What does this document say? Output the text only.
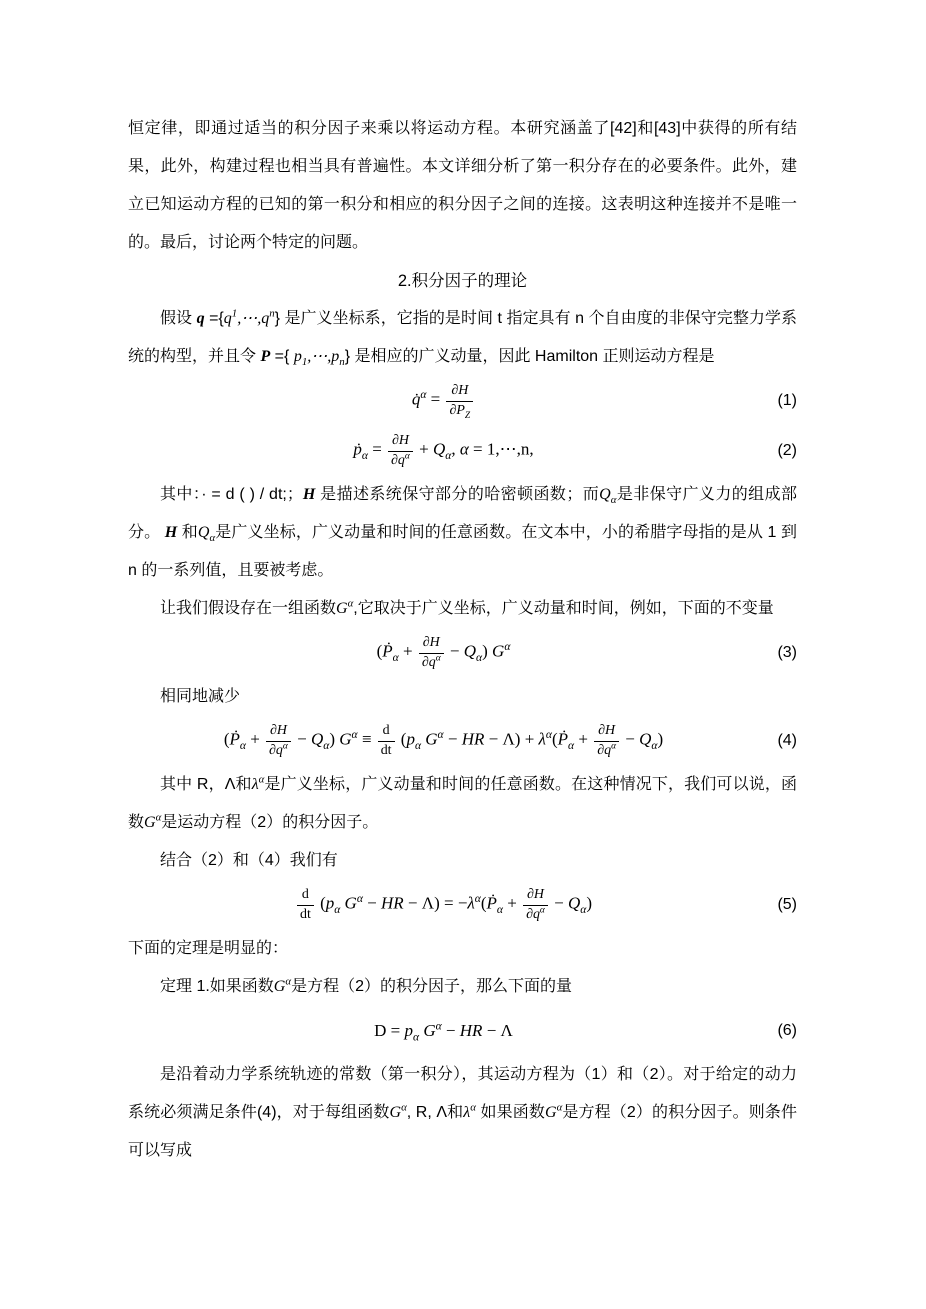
恒定律，即通过适当的积分因子来乘以将运动方程。本研究涵盖了[42]和[43]中获得的所有结果，此外，构建过程也相当具有普遍性。本文详细分析了第一积分存在的必要条件。此外，建立已知运动方程的已知的第一积分和相应的积分因子之间的连接。这表明这种连接并不是唯一的。最后，讨论两个特定的问题。

2.积分因子的理论

假设 $q =\{q^1,\cdots,q^n\}$ 是广义坐标系，它指的是时间 t 指定具有 n 个自由度的非保守完整力学系统的构型，并且令 P ={ $p_1,\cdots,p_n$} 是相应的广义动量，因此 Hamilton 正则运动方程是

q̇$^\alpha$ = $\frac{\partial H}{\partial P_Z}$	(1)
ṗ$_\alpha$ = $\frac{\partial H}{\partial q^\alpha} + Q_\alpha$, α = 1,⋯,n,	(2)

其中：· = d ( ) / dt;；H 是描述系统保守部分的哈密顿函数；而$Q_\alpha$是非保守广义力的组成部分。 H 和$Q_\alpha$是广义坐标，广义动量和时间的任意函数。在文本中，小的希腊字母指的是从 1 到 n 的一系列值，且要被考虑。

让我们假设存在一组函数$G^\alpha$,它取决于广义坐标，广义动量和时间，例如，下面的不变量

(Ṗ$_\alpha$ + $\frac{\partial H}{\partial q^\alpha} - Q_\alpha$) $G^\alpha$	(3)

相同地减少

(Ṗ$_\alpha$ + $\frac{\partial H}{\partial q^\alpha} - Q_\alpha$) $G^\alpha \equiv \frac{d}{dt} (p_\alpha$ $G^\alpha$ − HR − $\Lambda) + \lambda^\alpha(Ṗ_\alpha + \frac{\partial H}{\partial q^\alpha} - Q_\alpha)$	(4)

其中 R，Λ和$\lambda^\alpha$是广义坐标，广义动量和时间的任意函数。在这种情况下，我们可以说，函数$G^\alpha$是运动方程（2）的积分因子。

结合（2）和（4）我们有

$\frac{d}{dt} (p_\alpha$ $G^\alpha$ − HR − $\Lambda) = -\lambda^\alpha(Ṗ_\alpha + \frac{\partial H}{\partial q^\alpha} - Q_\alpha)$	(5)

下面的定理是明显的：

定理 1.如果函数$G^\alpha$是方程（2）的积分因子，那么下面的量

$D = p_\alpha$ $G^\alpha$ − HR − Λ	(6)

是沿着动力学系统轨迹的常数（第一积分），其运动方程为（1）和（2）。对于给定的动力系统必须满足条件(4)，对于每组函数$G^\alpha$, R, Λ和$\lambda^\alpha$ 如果函数$G^\alpha$是方程（2）的积分因子。则条件可以写成
